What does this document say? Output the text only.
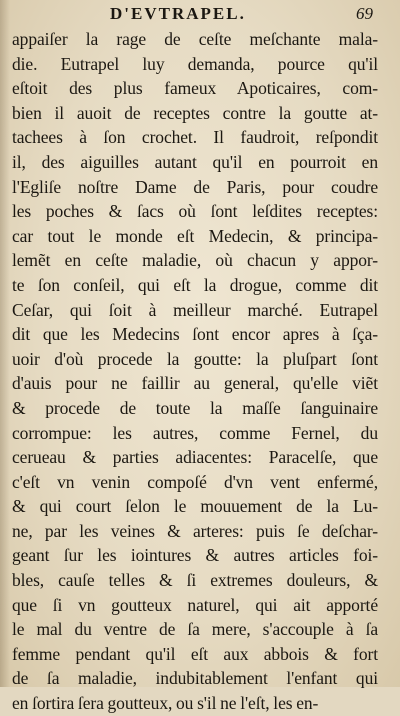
D'EVTRAPEL.	69
appaiſer la rage de ceſte meſchante mala-
die. Eutrapel luy demanda, pource qu'il
eſtoit des plus fameux Apoticaires, com-
bien il auoit de receptes contre la goutte at-
tachees à ſon crochet. Il faudroit, reſpondit
il, des aiguilles autant qu'il en pourroit en
l'Egliſe noſtre Dame de Paris, pour coudre
les poches & ſacs où ſont leſdites receptes:
car tout le monde eſt Medecin, & principa-
lemẽt en ceſte maladie, où chacun y appor-
te ſon conſeil, qui eſt la drogue, comme dit
Ceſar, qui ſoit à meilleur marché. Eutrapel
dit que les Medecins ſont encor apres à ſça-
uoir d'où procede la goutte: la pluſpart ſont
d'auis pour ne faillir au general, qu'elle viẽt
& procede de toute la maſſe ſanguinaire
corrompue: les autres, comme Fernel, du
cerueau & parties adiacentes: Paracelſe, que
c'eſt vn venin compoſé d'vn vent enfermé,
& qui court ſelon le mouuement de la Lu-
ne, par les veines & arteres: puis ſe deſchar-
geant ſur les iointures & autres articles foi-
bles, cauſe telles & ſi extremes douleurs, &
que ſi vn goutteux naturel, qui ait apporté
le mal du ventre de ſa mere, s'accouple à ſa
femme pendant qu'il eſt aux abbois & fort
de ſa maladie, indubitablement l'enfant qui
en ſortira ſera goutteux, ou s'il ne l'eſt, les en-
